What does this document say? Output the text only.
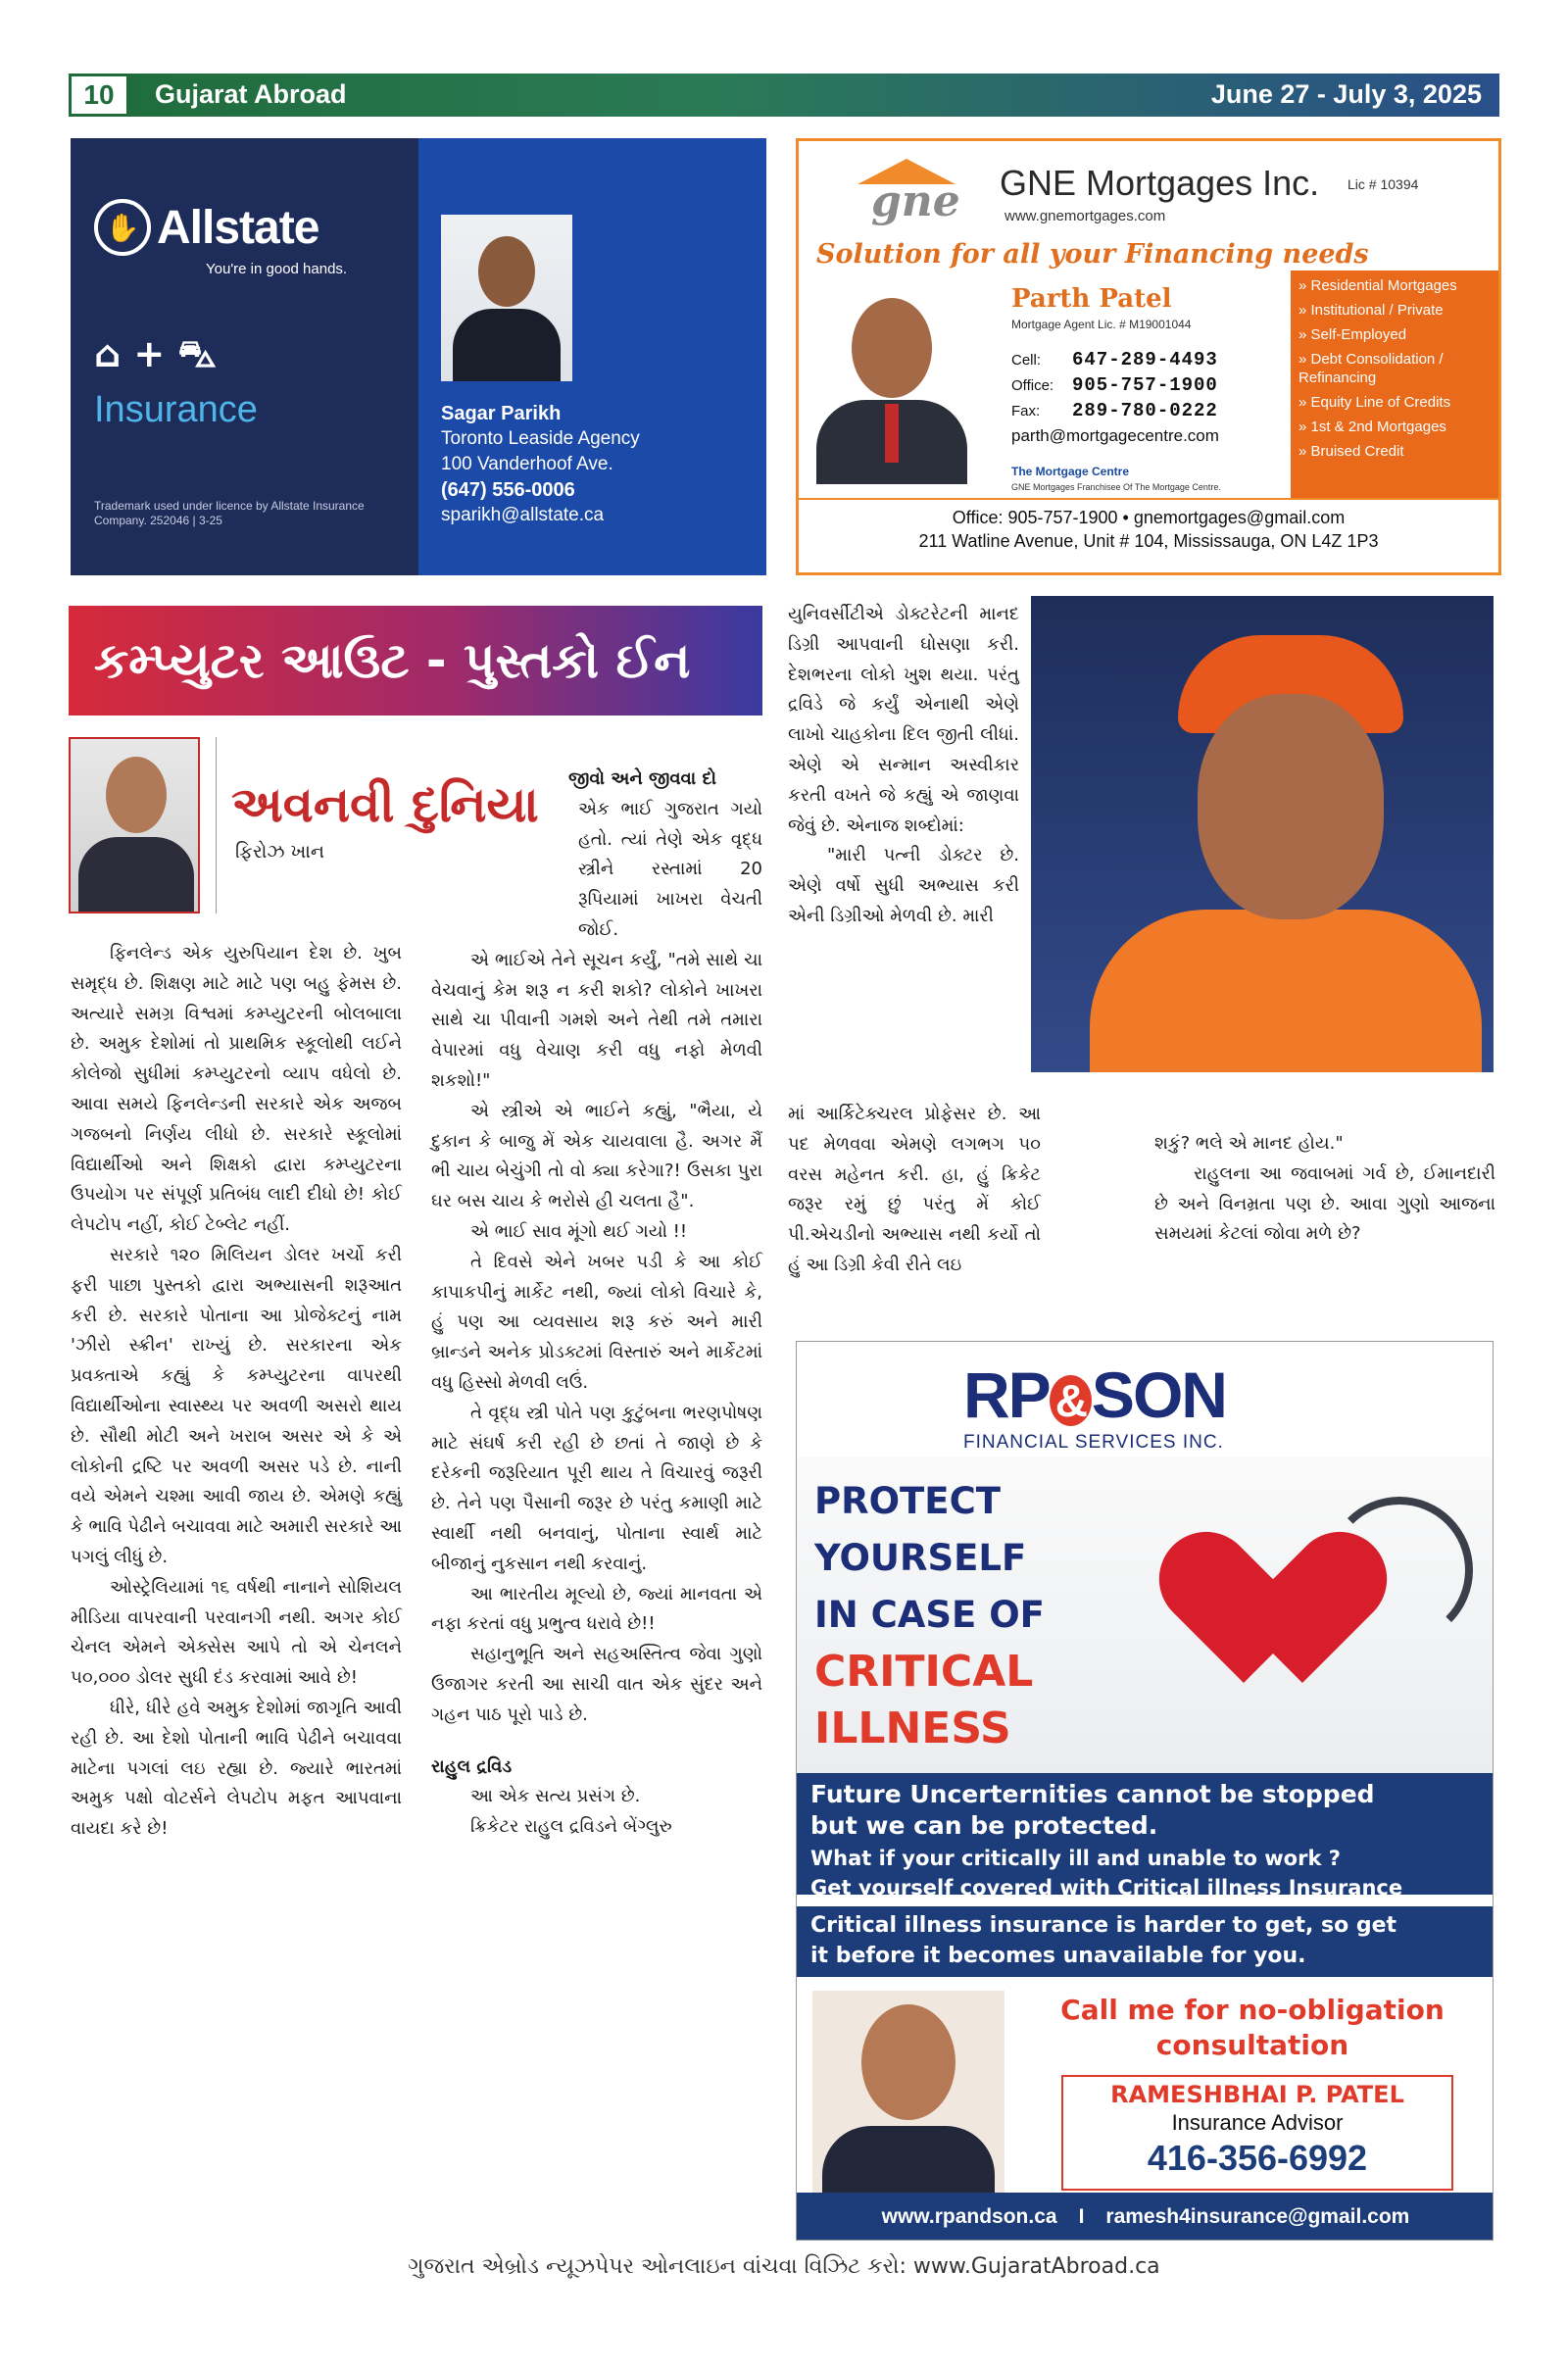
10	Gujarat Abroad	June 27 - July 3, 2025
✋ Allstate
You're in good hands.
⌂ + ⛍
Insurance
Trademark used under licence by Allstate Insurance Company. 252046 | 3-25
Sagar Parikh
Toronto Leaside Agency
100 Vanderhoof Ave.
(647) 556-0006
sparikh@allstate.ca
gne GNE Mortgages Inc. Lic # 10394
www.gnemortgages.com
Solution for all your Financing needs
Parth Patel
Mortgage Agent Lic. # M19001044
Cell: 647-289-4493
Office: 905-757-1900
Fax: 289-780-0222
parth@mortgagecentre.com
The Mortgage Centre
GNE Mortgages Franchisee Of The Mortgage Centre.
» Residential Mortgages
» Institutional / Private
» Self-Employed
» Debt Consolidation / Refinancing
» Equity Line of Credits
» 1st & 2nd Mortgages
» Bruised Credit
Office: 905-757-1900 • gnemortgages@gmail.com
211 Watline Avenue, Unit # 104, Mississauga, ON L4Z 1P3
કમ્પ્યુટર આઉટ - પુસ્તકો ઈન
અવનવી દુનિયા
ફિરોઝ ખાન

ફિનલેન્ડ એક યુરુપિયાન દેશ છે. ખુબ સમૃદ્ધ છે. શિક્ષણ માટે માટે પણ બહુ ફેમસ છે. અત્યારે સમગ્ર વિશ્વમાં કમ્પ્યુટરની બોલબાલા છે. અમુક દેશોમાં તો પ્રાથમિક સ્કૂલોથી લઈને કોલેજો સુધીમાં કમ્પ્યુટરનો વ્યાપ વધેલો છે. આવા સમયે ફિનલેન્ડની સરકારે એક અજબ ગજબનો નિર્ણય લીધો છે. સરકારે સ્કૂલોમાં વિદ્યાર્થીઓ અને શિક્ષકો દ્વારા કમ્પ્યુટરના ઉપયોગ પર સંપૂર્ણ પ્રતિબંધ લાદી દીધો છે! કોઈ લેપટોપ નહીં, કોઈ ટેબ્લેટ નહીં.

સરકારે ૧૨૦ મિલિયન ડોલર ખર્ચો કરી ફરી પાછા પુસ્તકો દ્વારા અભ્યાસની શરૂઆત કરી છે. સરકારે પોતાના આ પ્રોજેક્ટનું નામ 'ઝીરો સ્ક્રીન' રાખ્યું છે. સરકારના એક પ્રવક્તાએ કહ્યું કે કમ્પ્યુટરના વાપરથી વિદ્યાર્થીઓના સ્વાસ્થ્ય પર અવળી અસરો થાય છે. સૌથી મોટી અને ખરાબ અસર એ કે એ લોકોની દ્રષ્ટિ પર અવળી અસર પડે છે. નાની વયે એમને ચશ્મા આવી જાય છે. એમણે કહ્યું કે ભાવિ પેઢીને બચાવવા માટે અમારી સરકારે આ પગલું લીધું છે.

ઓસ્ટ્રેલિયામાં ૧૬ વર્ષથી નાનાને સોશિયલ મીડિયા વાપરવાની પરવાનગી નથી. અગર કોઈ ચેનલ એમને એક્સેસ આપે તો એ ચેનલને ૫૦,૦૦૦ ડોલર સુધી દંડ કરવામાં આવે છે!

ધીરે, ધીરે હવે અમુક દેશોમાં જાગૃતિ આવી રહી છે. આ દેશો પોતાની ભાવિ પેઢીને બચાવવા માટેના પગલાં લઇ રહ્યા છે. જ્યારે ભારતમાં અમુક પક્ષો વોટર્સને લેપટોપ મફત આપવાના વાયદા કરે છે!

જીવો અને જીવવા દો

એક ભાઈ ગુજરાત ગયો હતો. ત્યાં તેણે એક વૃદ્ધ સ્ત્રીને રસ્તામાં 20 રૂપિયામાં ખાખરા વેચતી જોઈ.

એ ભાઈએ તેને સૂચન કર્યું, "તમે સાથે ચા વેચવાનું કેમ શરૂ ન કરી શકો? લોકોને ખાખરા સાથે ચા પીવાની ગમશે અને તેથી તમે તમારા વેપારમાં વધુ વેચાણ કરી વધુ નફો મેળવી શકશો!"

એ સ્ત્રીએ એ ભાઈને કહ્યું, "ભૈયા, યે દુકાન કે બાજુ મેં એક ચાયવાલા હૈ. અગર મૈં ભી ચાય બેચુંગી તો વો ક્યા કરેગા?! ઉસકા પુરા ઘર બસ ચાય કે ભરોસે હી ચલતા હૈ".

એ ભાઈ સાવ મૂંગો થઈ ગયો !!

તે દિવસે એને ખબર પડી કે આ કોઈ કાપાકપીનું માર્કેટ નથી, જ્યાં લોકો વિચારે કે, હું પણ આ વ્યવસાય શરૂ કરું અને મારી બ્રાન્ડને અનેક પ્રોડક્ટમાં વિસ્તારું અને માર્કેટમાં વધુ હિસ્સો મેળવી લઉં.

તે વૃદ્ધ સ્ત્રી પોતે પણ કુટુંબના ભરણપોષણ માટે સંઘર્ષ કરી રહી છે છતાં તે જાણે છે કે દરેકની જરૂરિયાત પૂરી થાય તે વિચારવું જરૂરી છે. તેને પણ પૈસાની જરૂર છે પરંતુ કમાણી માટે સ્વાર્થી નથી બનવાનું, પોતાના સ્વાર્થ માટે બીજાનું નુકસાન નથી કરવાનું.

આ ભારતીય મૂલ્યો છે, જ્યાં માનવતા એ નફા કરતાં વધુ પ્રભુત્વ ધરાવે છે!!

સહાનુભૂતિ અને સહઅસ્તિત્વ જેવા ગુણો ઉજાગર કરતી આ સાચી વાત એક સુંદર અને ગહન પાઠ પૂરો પાડે છે.

રાહુલ દ્રવિડ

આ એક સત્ય પ્રસંગ છે.

ક્રિકેટર રાહુલ દ્રવિડને બેંગ્લુરુ

યુનિવર્સીટીએ ડોક્ટરેટની માનદ ડિગ્રી આપવાની ઘોસણા કરી. દેશભરના લોકો ખુશ થયા. પરંતુ દ્રવિડે જે કર્યું એનાથી એણે લાખો ચાહકોના દિલ જીતી લીધાં. એણે એ સન્માન અસ્વીકાર કરતી વખતે જે કહ્યું એ જાણવા જેવું છે. એનાજ શબ્દોમાં:

"મારી પત્ની ડોક્ટર છે. એણે વર્ષો સુધી અભ્યાસ કરી એની ડિગ્રીઓ મેળવી છે. મારી

માં આર્કિટેક્ચરલ પ્રોફેસર છે. આ પદ મેળવવા એમણે લગભગ ૫૦ વરસ મહેનત કરી. હા, હું ક્રિકેટ જરૂર રમું છું પરંતુ મેં કોઈ પી.એચડીનો અભ્યાસ નથી કર્યો તો હું આ ડિગ્રી કેવી રીતે લઇ

શકું? ભલે એ માનદ હોય."

રાહુલના આ જવાબમાં ગર્વ છે, ઈમાનદારી છે અને વિનમ્રતા પણ છે. આવા ગુણો આજના સમયમાં કેટલાં જોવા મળે છે?

RP &SON
FINANCIAL SERVICES INC.
PROTECT
YOURSELF
IN CASE OF
CRITICAL
ILLNESS
Future Uncerternities cannot be stopped
but we can be protected.
What if your critically ill and unable to work ?
Get yourself covered with Critical illness Insurance
Critical illness insurance is harder to get, so get
it before it becomes unavailable for you.
Call me for no-obligation
consultation
RAMESHBHAI P. PATEL
Insurance Advisor
416-356-6992
www.rpandson.ca I ramesh4insurance@gmail.com
ગુજરાત એબ્રોડ ન્યૂઝપેપર ઓનલાઇન વાંચવા વિઝિટ કરો: www.GujaratAbroad.ca
